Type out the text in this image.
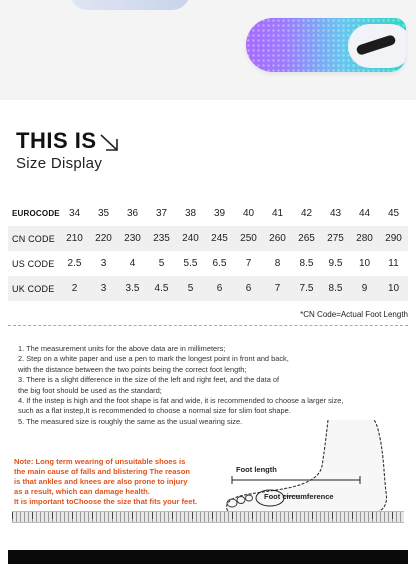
THIS IS
Size Display
EUROCODE 34	35	36	37	38	39	40	41	42	43	44	45
CN CODE	210	220	230	235	240	245	250	260	265	275	280	290
US CODE	2.5	3	4	5	5.5	6.5	7	8	8.5	9.5	10	11
UK CODE	2	3	3.5	4.5	5	6	6	7	7.5	8.5	9	10
*CN Code=Actual Foot Length
1. The measurement units for the above data are in millimeters;
2. Step on a white paper and use a pen to mark the longest point in front and back,
with the distance between the two points being the correct foot length;
3. There is a slight difference in the size of the left and right feet, and the data of
the big foot should be used as the standard;
4. If the instep is high and the foot shape is fat and wide, it is recommended to choose a larger size,
such as a flat instep,It is recommended to choose a normal size for slim foot shape.
5. The measured size is roughly the same as the usual wearing size.
Note: Long term wearing of unsuitable shoes is
the main cause of falls and blistering The reason
is that ankles and knees are also prone to injury
as a result, which can damage health.
It is important toChoose the size that fits your feet.
Foot length
Foot circumference
